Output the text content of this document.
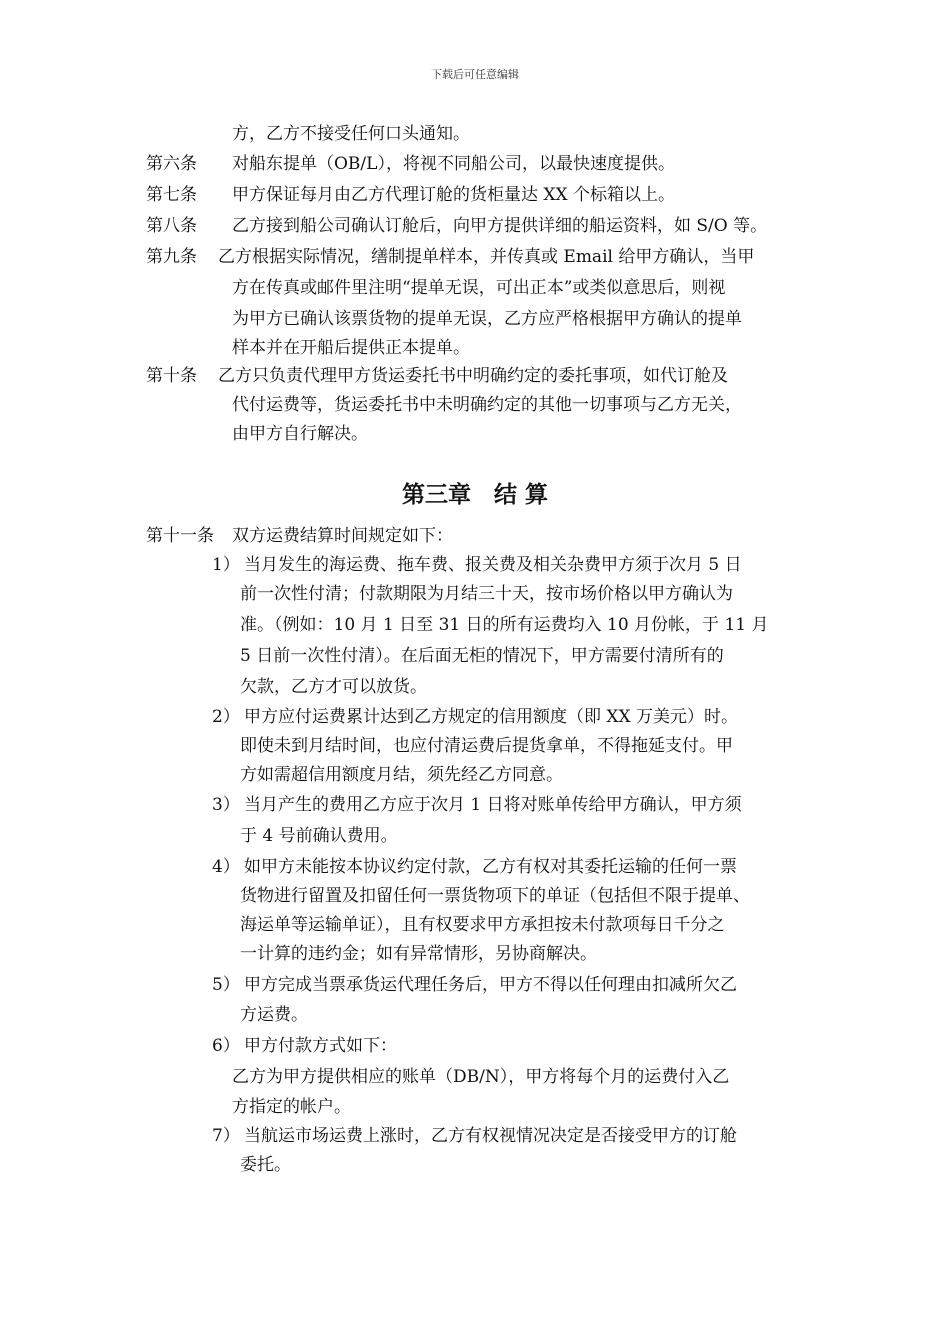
下载后可任意编辑
方，乙方不接受任何口头通知。
第六条 对船东提单（OB/L），将视不同船公司，以最快速度提供。
第七条 甲方保证每月由乙方代理订舱的货柜量达 XX 个标箱以上。
第八条 乙方接到船公司确认订舱后，向甲方提供详细的船运资料，如 S/O 等。
第九条 乙方根据实际情况，缮制提单样本，并传真或 Email 给甲方确认，当甲
方在传真或邮件里注明“提单无误，可出正本”或类似意思后，则视
为甲方已确认该票货物的提单无误，乙方应严格根据甲方确认的提单
样本并在开船后提供正本提单。
第十条 乙方只负责代理甲方货运委托书中明确约定的委托事项，如代订舱及
代付运费等，货运委托书中未明确约定的其他一切事项与乙方无关，
由甲方自行解决。
第三章　结 算
第十一条 双方运费结算时间规定如下：
1） 当月发生的海运费、拖车费、报关费及相关杂费甲方须于次月 5 日
前一次性付清；付款期限为月结三十天，按市场价格以甲方确认为
准。（例如：10 月 1 日至 31 日的所有运费均入 10 月份帐，于 11 月
5 日前一次性付清）。在后面无柜的情况下，甲方需要付清所有的
欠款，乙方才可以放货。
2） 甲方应付运费累计达到乙方规定的信用额度（即 XX 万美元）时。
即使未到月结时间，也应付清运费后提货拿单，不得拖延支付。甲
方如需超信用额度月结，须先经乙方同意。
3） 当月产生的费用乙方应于次月 1 日将对账单传给甲方确认，甲方须
于 4 号前确认费用。
4） 如甲方未能按本协议约定付款，乙方有权对其委托运输的任何一票
货物进行留置及扣留任何一票货物项下的单证（包括但不限于提单、
海运单等运输单证），且有权要求甲方承担按未付款项每日千分之
一计算的违约金；如有异常情形，另协商解决。
5） 甲方完成当票承货运代理任务后，甲方不得以任何理由扣减所欠乙
方运费。
6） 甲方付款方式如下：
乙方为甲方提供相应的账单（DB/N），甲方将每个月的运费付入乙
方指定的帐户。
7） 当航运市场运费上涨时，乙方有权视情况决定是否接受甲方的订舱
委托。
